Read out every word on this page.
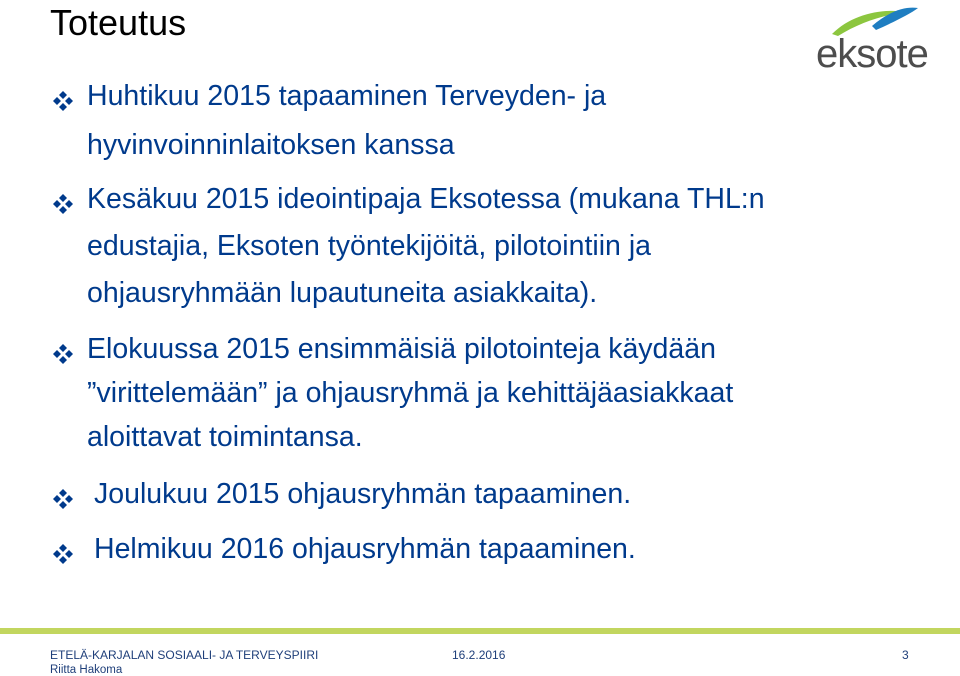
Toteutus
eksote
Huhtikuu 2015 tapaaminen Terveyden- ja
hyvinvoinninlaitoksen kanssa
Kesäkuu 2015 ideointipaja Eksotessa (mukana THL:n
edustajia, Eksoten työntekijöitä, pilotointiin ja
ohjausryhmään lupautuneita asiakkaita).
Elokuussa 2015 ensimmäisiä pilotointeja käydään
”virittelemään” ja ohjausryhmä ja kehittäjäasiakkaat
aloittavat toimintansa.
Joulukuu 2015 ohjausryhmän tapaaminen.
Helmikuu 2016 ohjausryhmän tapaaminen.
ETELÄ-KARJALAN SOSIAALI- JA TERVEYSPIIRI
Riitta Hakoma
16.2.2016	3
